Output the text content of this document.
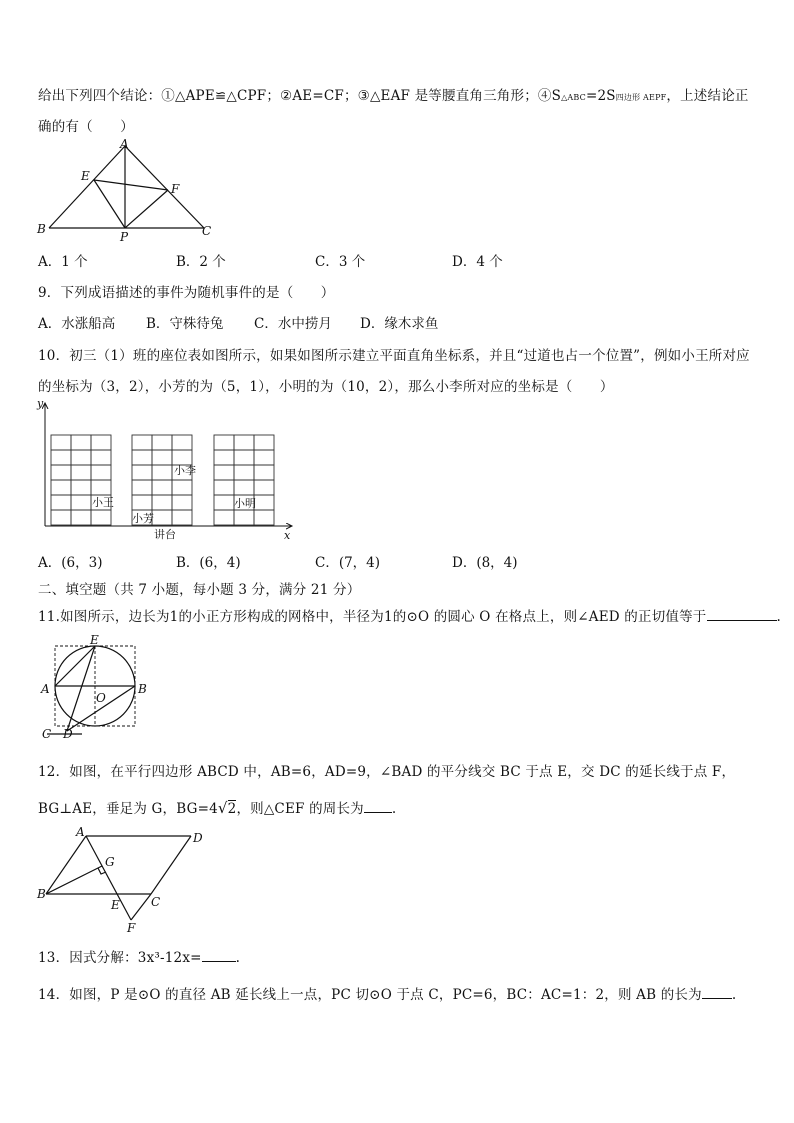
给出下列四个结论：①△APE≌△CPF；②AE=CF；③△EAF 是等腰直角三角形；④S△ABC=2S四边形 AEPF，上述结论正
确的有（　　）
A
E
F
B
P	C
A．1 个	B．2 个	C．3 个	D．4 个
9．下列成语描述的事件为随机事件的是（　　）
A．水涨船高 B．守株待兔 C．水中捞月 D．缘木求鱼
10．初三（1）班的座位表如图所示，如果如图所示建立平面直角坐标系，并且“过道也占一个位置”，例如小王所对应
的坐标为（3，2），小芳的为（5，1），小明的为（10，2），那么小李所对应的坐标是（　　）
y
x
小王
小芳
小李
小明
讲台
A．(6，3)	B．(6，4)	C．(7，4)	D．(8，4)
二、填空题（共 7 小题，每小题 3 分，满分 21 分）
11.如图所示，边长为1的小正方形构成的网格中，半径为1的⊙O 的圆心 O 在格点上，则∠AED 的正切值等于	.
E
A	B
O
C D
12．如图，在平行四边形 ABCD 中，AB=6，AD=9，∠BAD 的平分线交 BC 于点 E，交 DC 的延长线于点 F，
BG⊥AE，垂足为 G，BG=4√2，则△CEF 的周长为 .
A	D
G
B
E	C
F
13．因式分解：3x³-12x=	.
14．如图，P 是⊙O 的直径 AB 延长线上一点，PC 切⊙O 于点 C，PC=6，BC：AC=1：2，则 AB 的长为 .
